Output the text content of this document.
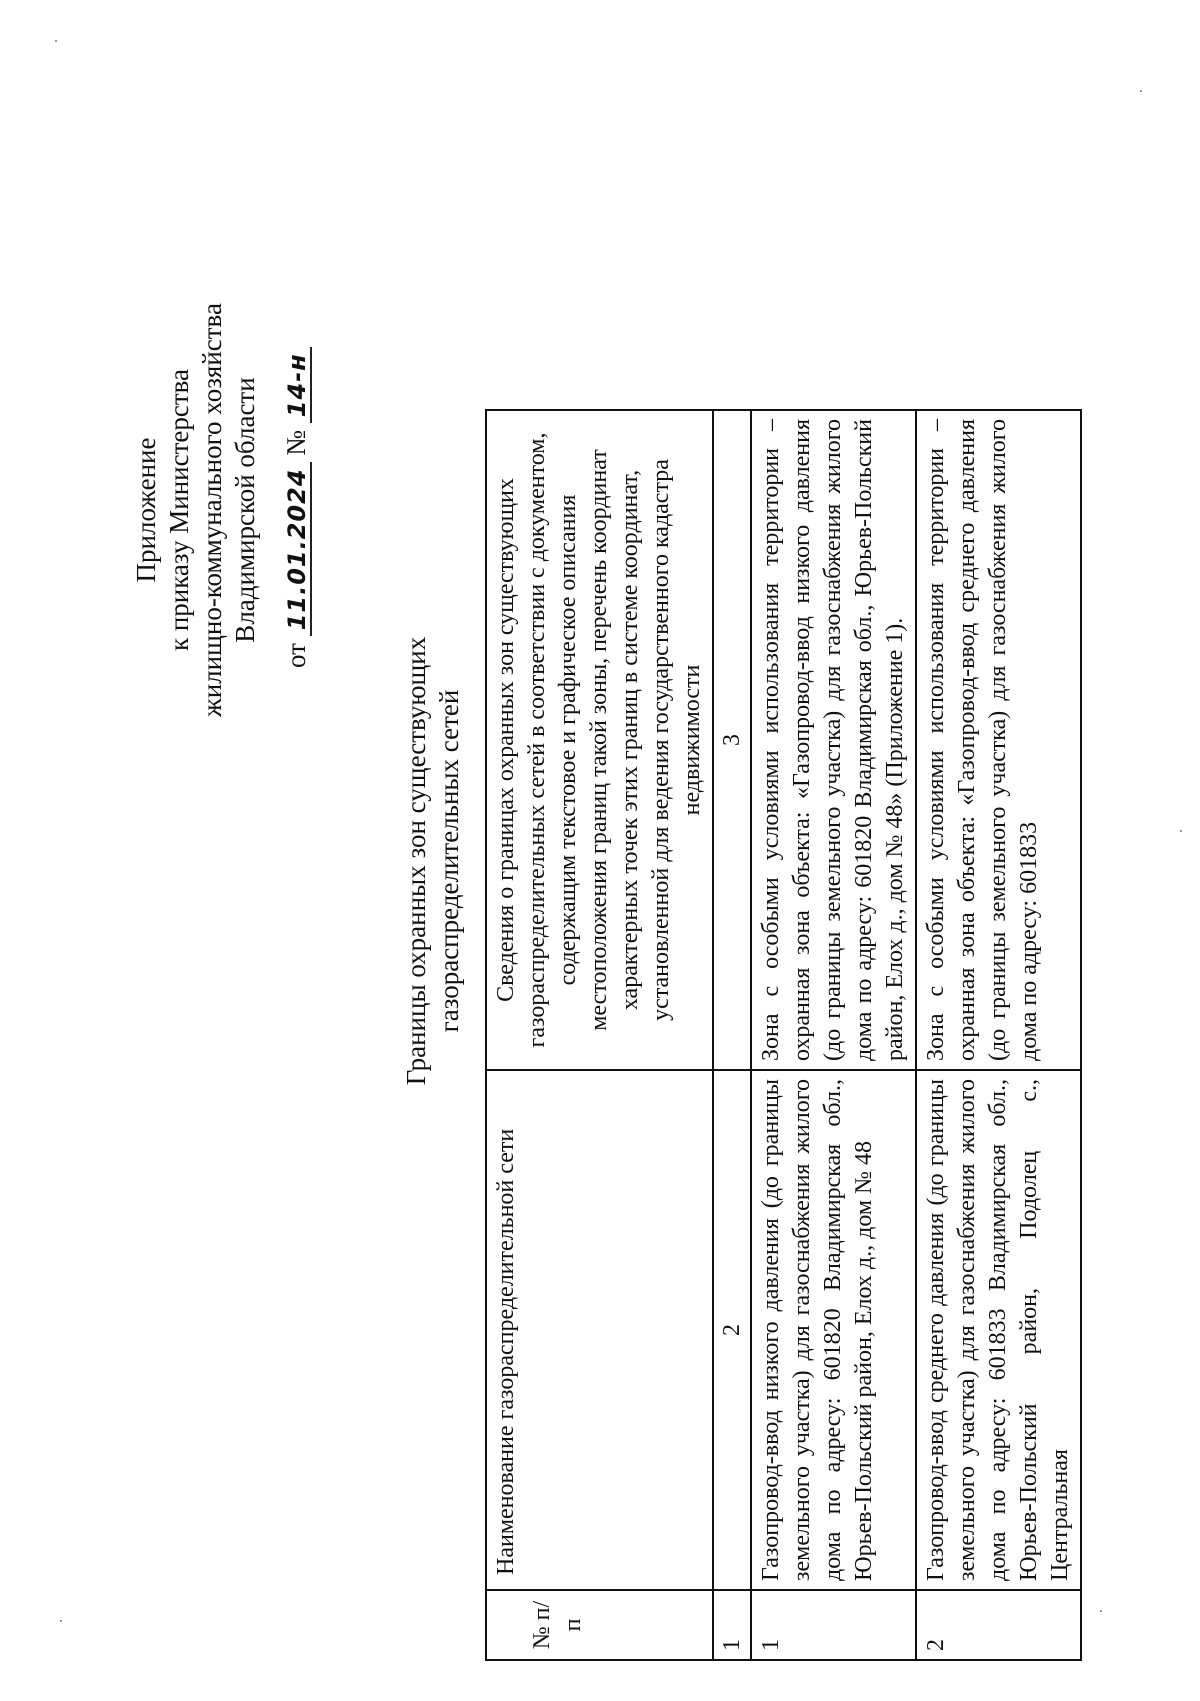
Приложение к приказу Министерства жилищно-коммунального хозяйства Владимирской области
от 11.01.2024 № 14-н
Границы охранных зон существующих газораспределительных сетей
№ п/п	Наименование газораспределительной сети	Сведения о границах охранных зон существующих газораспределительных сетей в соответствии с документом, содержащим текстовое и графическое описания местоположения границ такой зоны, перечень координат характерных точек этих границ в системе координат, установленной для ведения государственного кадастра недвижимости
1	2	3
1	Газопровод-ввод низкого давления (до границы земельного участка) для газоснабжения жилого дома по адресу: 601820 Владимирская обл., Юрьев-Польский район, Елох д., дом № 48	Зона с особыми условиями использования территории – охранная зона объекта: «Газопровод-ввод низкого давления (до границы земельного участка) для газоснабжения жилого дома по адресу: 601820 Владимирская обл., Юрьев-Польский район, Елох д., дом № 48» (Приложение 1).
2	Газопровод-ввод среднего давления (до границы земельного участка) для газоснабжения жилого дома по адресу: 601833 Владимирская обл., Юрьев-Польский район, Подолец с., Центральная	Зона с особыми условиями использования территории – охранная зона объекта: «Газопровод-ввод среднего давления (до границы земельного участка) для газоснабжения жилого дома по адресу: 601833
